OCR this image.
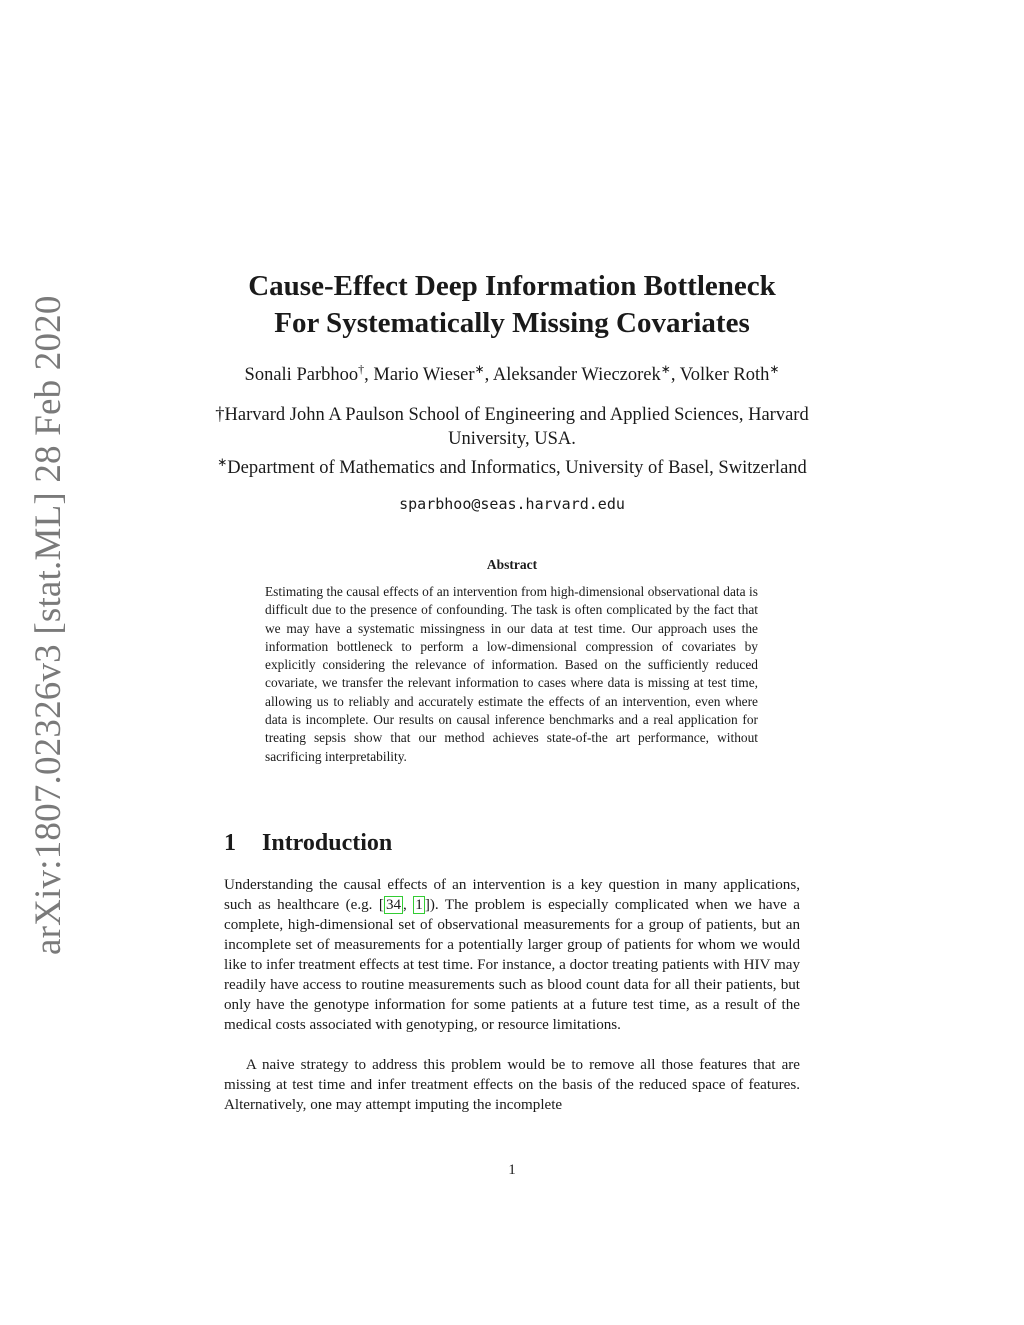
arXiv:1807.02326v3 [stat.ML] 28 Feb 2020
Cause-Effect Deep Information Bottleneck
For Systematically Missing Covariates
Sonali Parbhoo†, Mario Wieser∗, Aleksander Wieczorek∗, Volker Roth∗
†Harvard John A Paulson School of Engineering and Applied Sciences, Harvard University, USA.
∗Department of Mathematics and Informatics, University of Basel, Switzerland
sparbhoo@seas.harvard.edu
Abstract
Estimating the causal effects of an intervention from high-dimensional observational data is difficult due to the presence of confounding. The task is often complicated by the fact that we may have a systematic missingness in our data at test time. Our approach uses the information bottleneck to perform a low-dimensional compression of covariates by explicitly considering the relevance of information. Based on the sufficiently reduced covariate, we transfer the relevant information to cases where data is missing at test time, allowing us to reliably and accurately estimate the effects of an intervention, even where data is incomplete. Our results on causal inference benchmarks and a real application for treating sepsis show that our method achieves state-of-the art performance, without sacrificing interpretability.
1 Introduction

Understanding the causal effects of an intervention is a key question in many applications, such as healthcare (e.g. [ 34 , 1 ]). The problem is especially complicated when we have a complete, high-dimensional set of observational measurements for a group of patients, but an incomplete set of measurements for a potentially larger group of patients for whom we would like to infer treatment effects at test time. For instance, a doctor treating patients with HIV may readily have access to routine measurements such as blood count data for all their patients, but only have the genotype information for some patients at a future test time, as a result of the medical costs associated with genotyping, or resource limitations.

A naive strategy to address this problem would be to remove all those features that are missing at test time and infer treatment effects on the basis of the reduced space of features. Alternatively, one may attempt imputing the incomplete

1
